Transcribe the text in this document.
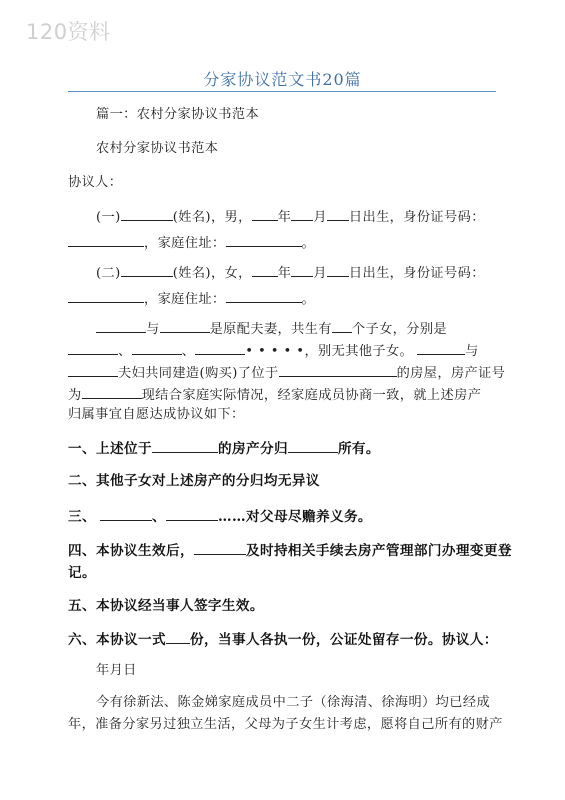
120资料
分家协议范文书20篇
篇一：农村分家协议书范本
农村分家协议书范本
协议人：
(一)	(姓名)，男， 年 月 日出生，身份证号码：
，家庭住址：	。
(二)	(姓名)，女， 年 月 日出生，身份证号码：
，家庭住址：	。
与	是原配夫妻，共生有 个子女，分别是
、	、	• • • • •，别无其他子女。	与
夫妇共同建造(购买)了位于	的房屋，房产证号
为	现结合家庭实际情况，经家庭成员协商一致，就上述房产
归属事宜自愿达成协议如下：
一、上述位于	的房产分归	所有。
二、其他子女对上述房产的分归均无异议
三、	、	……对父母尽赡养义务。
四、本协议生效后，	及时持相关手续去房产管理部门办理变更登
记。
五、本协议经当事人签字生效。
六、本协议一式 份，当事人各执一份，公证处留存一份。协议人：
年月日
今有徐新法、陈金娣家庭成员中二子（徐海清、徐海明）均已经成
年，准备分家另过独立生活，父母为子女生计考虑，愿将自己所有的财产
